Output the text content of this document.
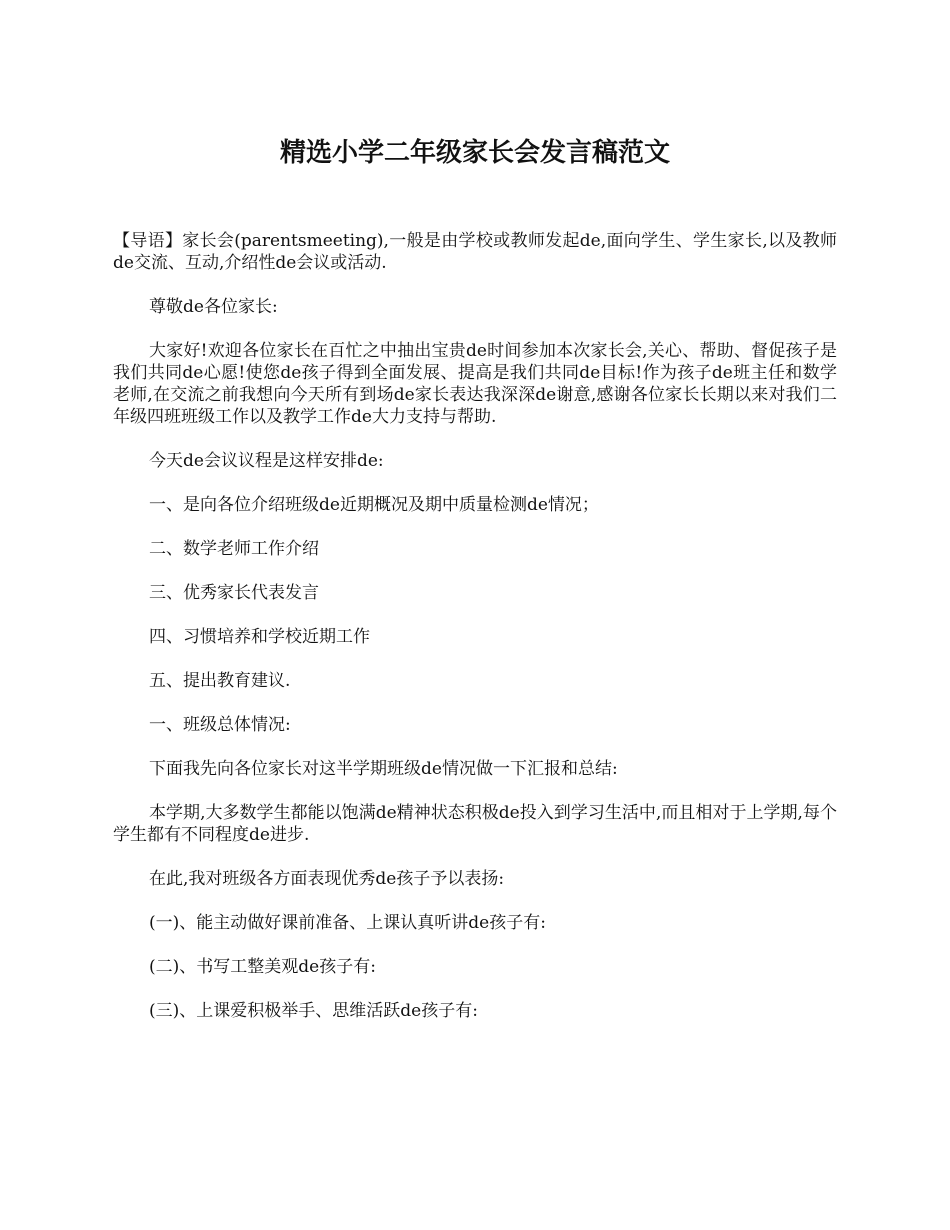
精选小学二年级家长会发言稿范文

【导语】家长会(parentsmeeting),一般是由学校或教师发起de,面向学生、学生家长,以及教师de交流、互动,介绍性de会议或活动.

尊敬de各位家长:

大家好!欢迎各位家长在百忙之中抽出宝贵de时间参加本次家长会,关心、帮助、督促孩子是我们共同de心愿!使您de孩子得到全面发展、提高是我们共同de目标!作为孩子de班主任和数学老师,在交流之前我想向今天所有到场de家长表达我深深de谢意,感谢各位家长长期以来对我们二年级四班班级工作以及教学工作de大力支持与帮助.

今天de会议议程是这样安排de:

一、是向各位介绍班级de近期概况及期中质量检测de情况；

二、数学老师工作介绍

三、优秀家长代表发言

四、习惯培养和学校近期工作

五、提出教育建议.

一、班级总体情况:

下面我先向各位家长对这半学期班级de情况做一下汇报和总结:

本学期,大多数学生都能以饱满de精神状态积极de投入到学习生活中,而且相对于上学期,每个学生都有不同程度de进步.

在此,我对班级各方面表现优秀de孩子予以表扬:

(一)、能主动做好课前准备、上课认真听讲de孩子有:

(二)、书写工整美观de孩子有:

(三)、上课爱积极举手、思维活跃de孩子有:
